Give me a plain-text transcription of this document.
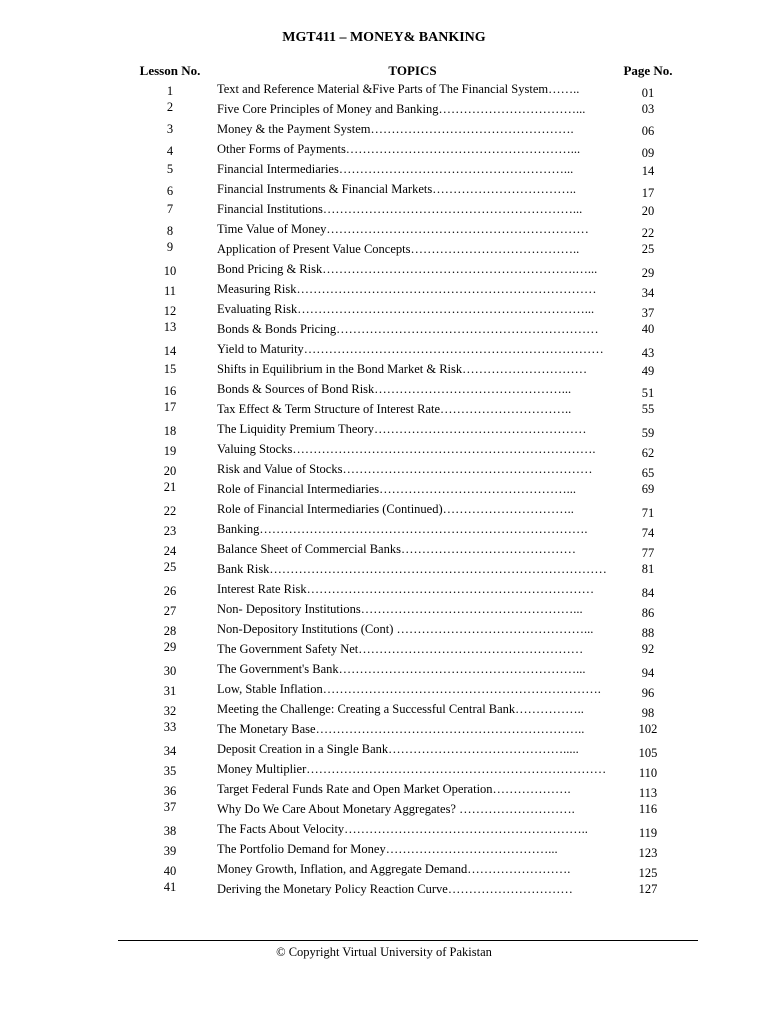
MGT411 – MONEY& BANKING
Lesson No.	TOPICS	Page No.
1	Text and Reference Material &Five Parts of The Financial System……..	01
2	Five Core Principles of Money and Banking……………………………...	03
3	Money & the Payment System………………………………………….	06
4	Other Forms of Payments………………………………………………...	09
5	Financial Intermediaries………………………………………………...	14
6	Financial Instruments & Financial Markets……………………………..	17
7	Financial Institutions……………………………………………………...	20
8	Time Value of Money………………………………………………………	22
9	Application of Present Value Concepts…………………………………..	25
10	Bond Pricing & Risk…………………………………………………….…...	29
11	Measuring Risk………………………………………………………………	34
12	Evaluating Risk……………………………………………………………...	37
13	Bonds & Bonds Pricing………………………………………………………	40
14	Yield to Maturity………………………………………………………………	43
15	Shifts in Equilibrium in the Bond Market & Risk…………………………	49
16	Bonds & Sources of Bond Risk………………………………………...	51
17	Tax Effect & Term Structure of Interest Rate…………………………..	55
18	The Liquidity Premium Theory……………………………………………	59
19	Valuing Stocks……………………………………………………………….	62
20	Risk and Value of Stocks……………………………………………………	65
21	Role of Financial Intermediaries………………………………………...	69
22	Role of Financial Intermediaries (Continued)…………………………..	71
23	Banking…………………………………………………………………….	74
24	Balance Sheet of Commercial Banks……………………………………	77
25	Bank Risk………………………………………………………………………	81
26	Interest Rate Risk……………………………………………………………	84
27	Non- Depository Institutions……………………………………………...	86
28	Non-Depository Institutions (Cont) ………………………………………...	88
29	The Government Safety Net………………………………………………	92
30	The Government's Bank…………………………………………………...	94
31	Low, Stable Inflation………………………………………………………….	96
32	Meeting the Challenge: Creating a Successful Central Bank……………..	98
33	The Monetary Base………………………………………………………..	102
34	Deposit Creation in a Single Bank…………………………………….....	105
35	Money Multiplier………………………………………………………………	110
36	Target Federal Funds Rate and Open Market Operation……………….	113
37	Why Do We Care About Monetary Aggregates? ……………………….	116
38	The Facts About Velocity…………………………………………………..	119
39	The Portfolio Demand for Money…………………………………...	123
40	Money Growth, Inflation, and Aggregate Demand…………………….	125
41	Deriving the Monetary Policy Reaction Curve…………………………	127
© Copyright Virtual University of Pakistan
